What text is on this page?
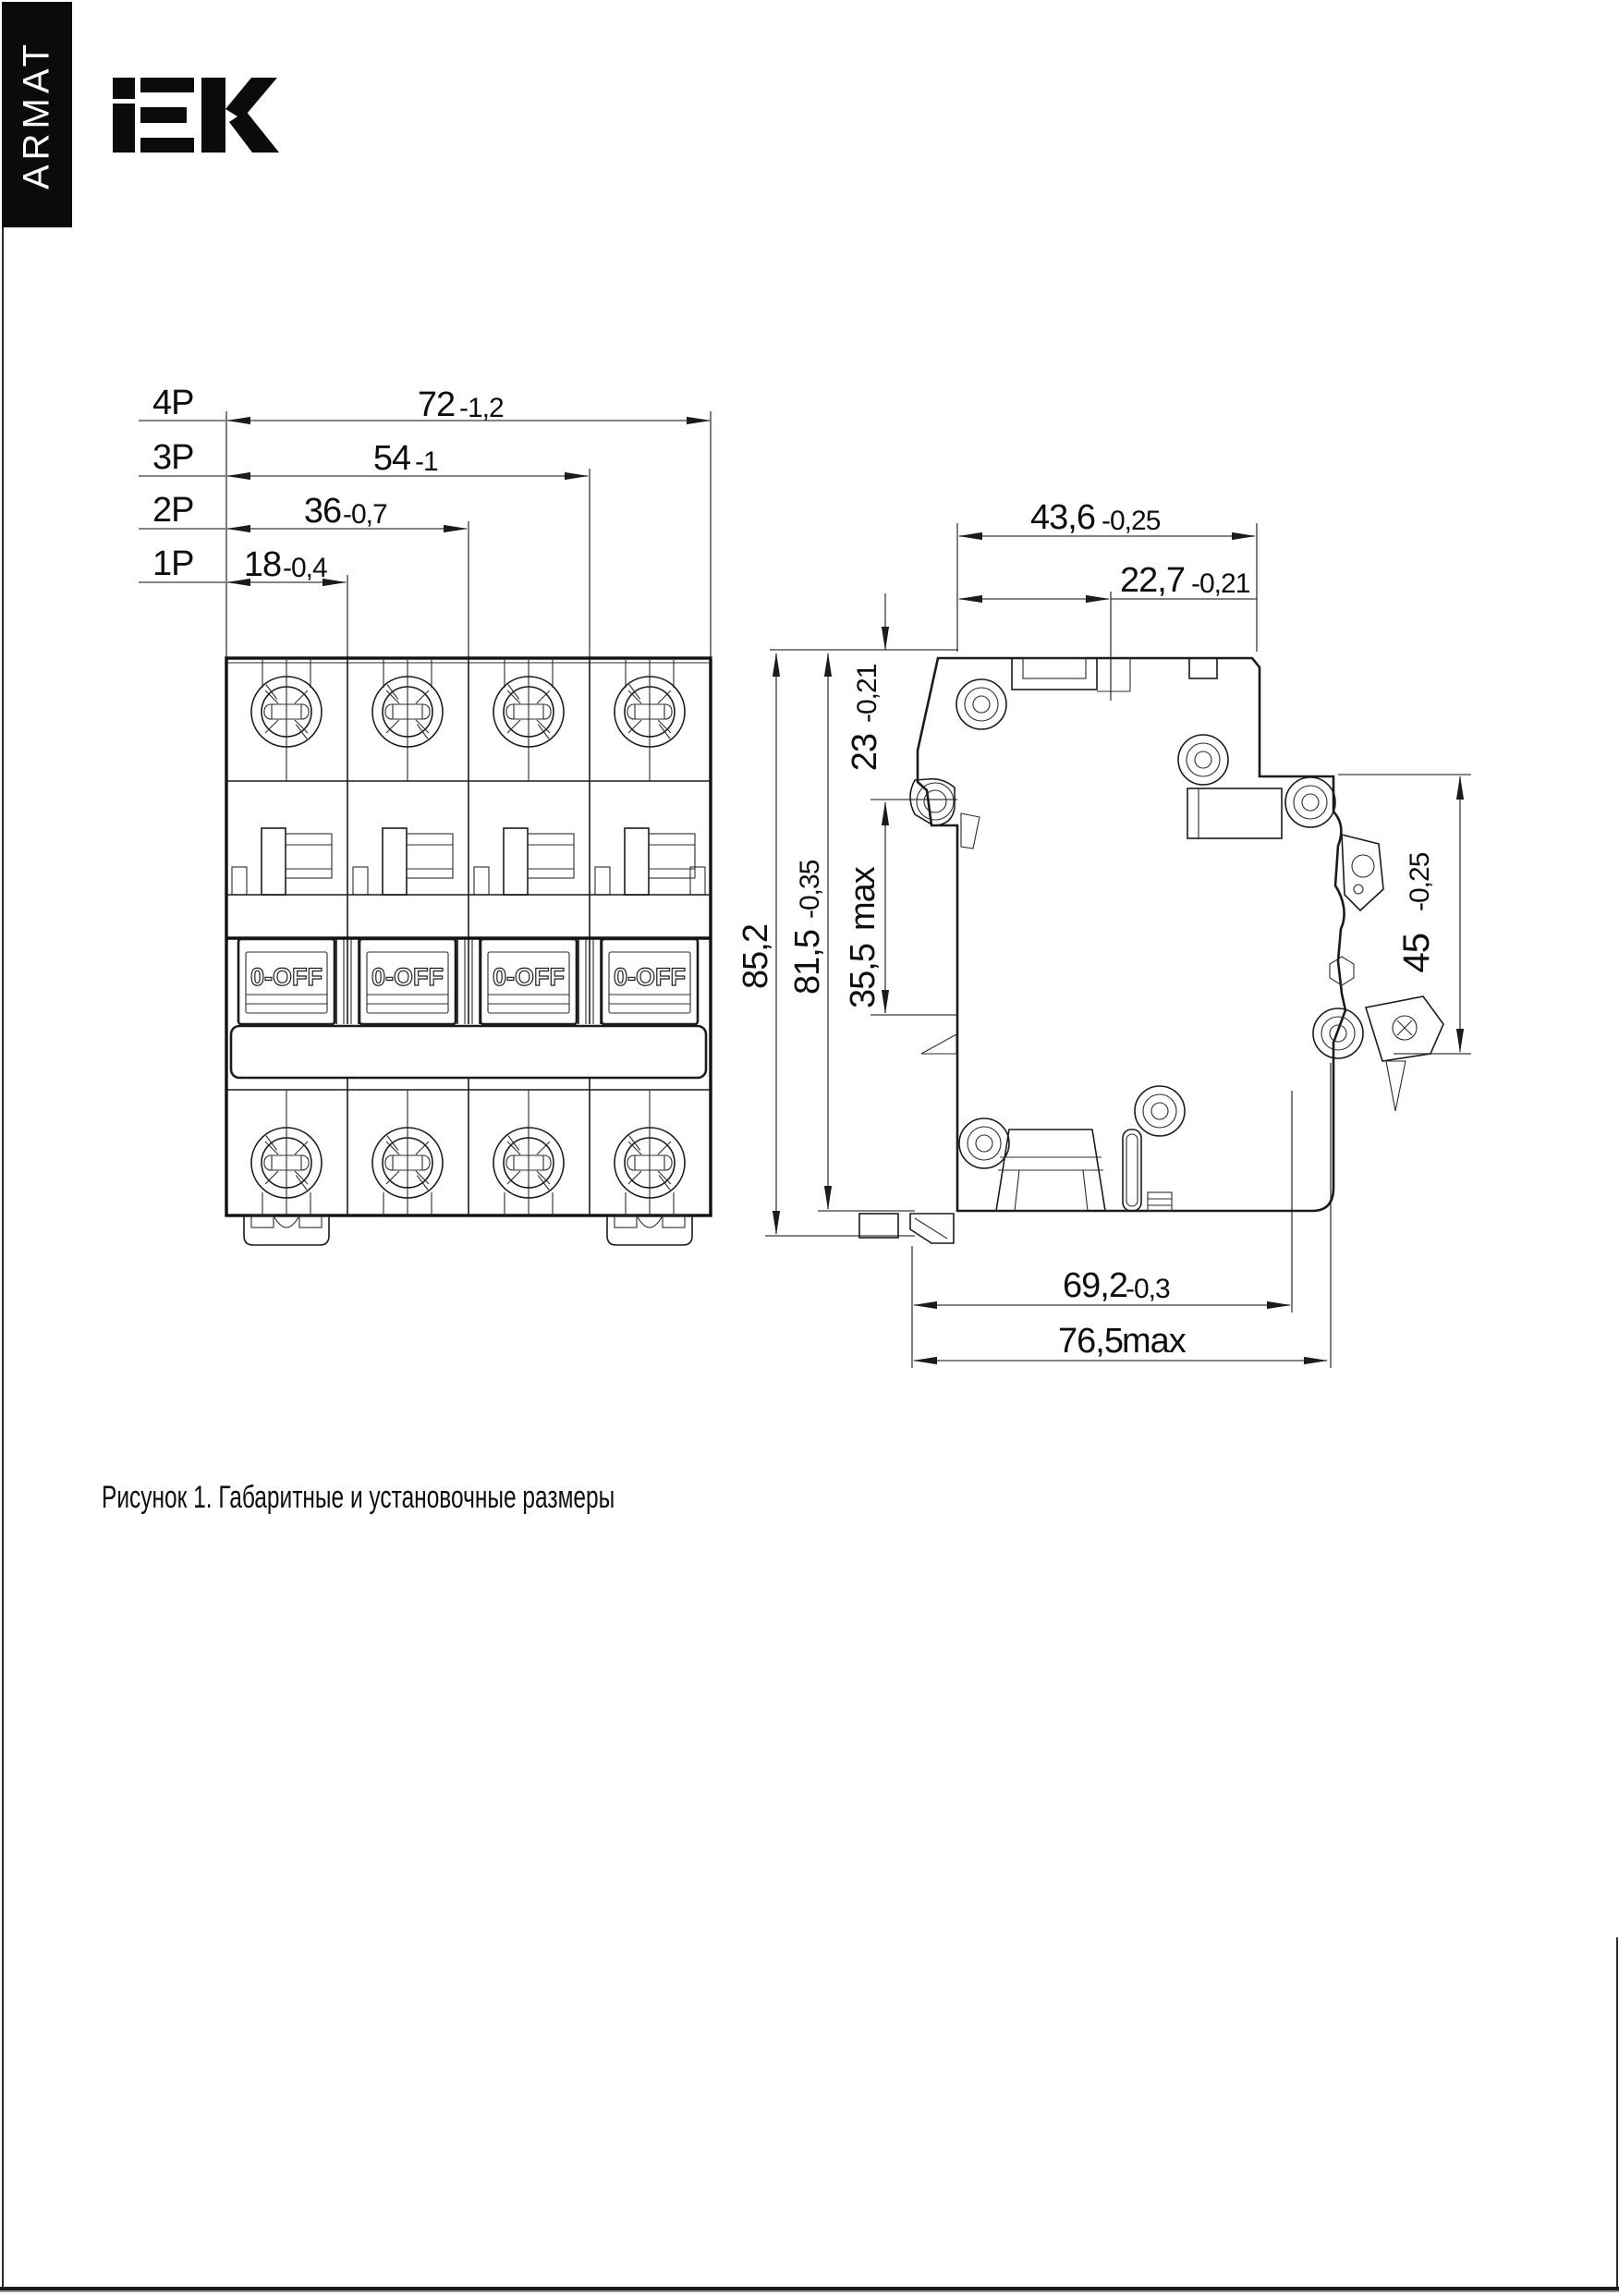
ARMAT
4P
3P
2P
1P
72 -1,2
54 -1
36 -0,7
18 -0,4
0-OFF 0-OFF 0-OFF 0-OFF
43,6 -0,25
22,7 -0,21
23
-0,21
35,5
max
81,5
-0,35
85,2	45
-0,25
69,2
-0,3
76,5 max
Рисунок 1. Габаритные и установочные размеры
